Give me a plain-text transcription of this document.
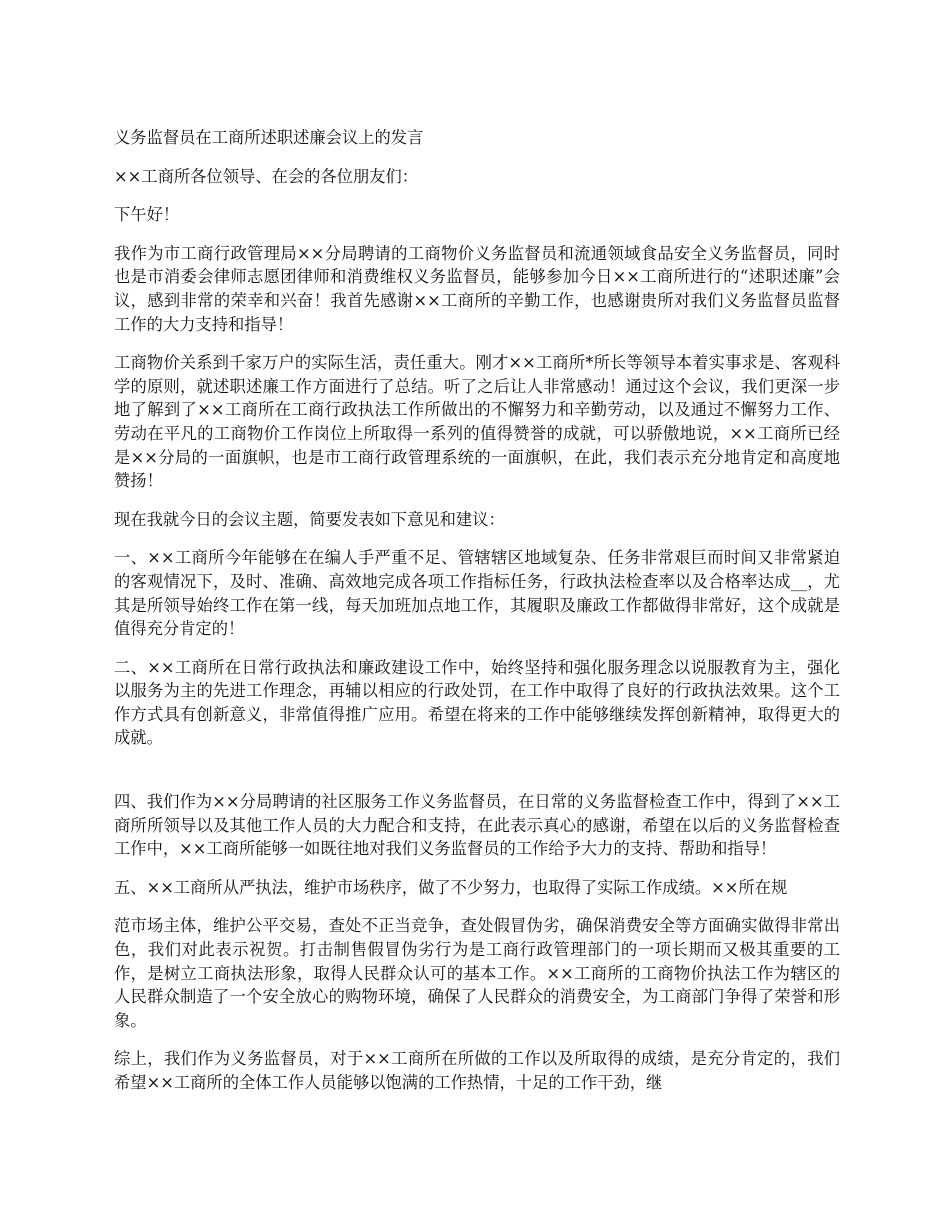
义务监督员在工商所述职述廉会议上的发言

××工商所各位领导、在会的各位朋友们：

下午好！

我作为市工商行政管理局××分局聘请的工商物价义务监督员和流通领域食品安全义务监督员，同时也是市消委会律师志愿团律师和消费维权义务监督员，能够参加今日××工商所进行的“述职述廉”会议，感到非常的荣幸和兴奋！我首先感谢××工商所的辛勤工作，也感谢贵所对我们义务监督员监督工作的大力支持和指导！

工商物价关系到千家万户的实际生活，责任重大。刚才××工商所*所长等领导本着实事求是、客观科学的原则，就述职述廉工作方面进行了总结。听了之后让人非常感动！通过这个会议，我们更深一步地了解到了××工商所在工商行政执法工作所做出的不懈努力和辛勤劳动，以及通过不懈努力工作、劳动在平凡的工商物价工作岗位上所取得一系列的值得赞誉的成就，可以骄傲地说，××工商所已经是××分局的一面旗帜，也是市工商行政管理系统的一面旗帜，在此，我们表示充分地肯定和高度地赞扬！

现在我就今日的会议主题，简要发表如下意见和建议：

一、××工商所今年能够在在编人手严重不足、管辖辖区地域复杂、任务非常艰巨而时间又非常紧迫的客观情况下，及时、准确、高效地完成各项工作指标任务，行政执法检查率以及合格率达成__，尤其是所领导始终工作在第一线，每天加班加点地工作，其履职及廉政工作都做得非常好，这个成就是值得充分肯定的！

二、××工商所在日常行政执法和廉政建设工作中，始终坚持和强化服务理念以说服教育为主，强化以服务为主的先进工作理念，再辅以相应的行政处罚，在工作中取得了良好的行政执法效果。这个工作方式具有创新意义，非常值得推广应用。希望在将来的工作中能够继续发挥创新精神，取得更大的成就。

四、我们作为××分局聘请的社区服务工作义务监督员，在日常的义务监督检查工作中，得到了××工商所所领导以及其他工作人员的大力配合和支持，在此表示真心的感谢，希望在以后的义务监督检查工作中，××工商所能够一如既往地对我们义务监督员的工作给予大力的支持、帮助和指导！

五、××工商所从严执法，维护市场秩序，做了不少努力，也取得了实际工作成绩。××所在规

范市场主体，维护公平交易，查处不正当竞争，查处假冒伪劣，确保消费安全等方面确实做得非常出色，我们对此表示祝贺。打击制售假冒伪劣行为是工商行政管理部门的一项长期而又极其重要的工作，是树立工商执法形象，取得人民群众认可的基本工作。××工商所的工商物价执法工作为辖区的人民群众制造了一个安全放心的购物环境，确保了人民群众的消费安全，为工商部门争得了荣誉和形象。

综上，我们作为义务监督员，对于××工商所在所做的工作以及所取得的成绩，是充分肯定的，我们希望××工商所的全体工作人员能够以饱满的工作热情，十足的工作干劲，继
